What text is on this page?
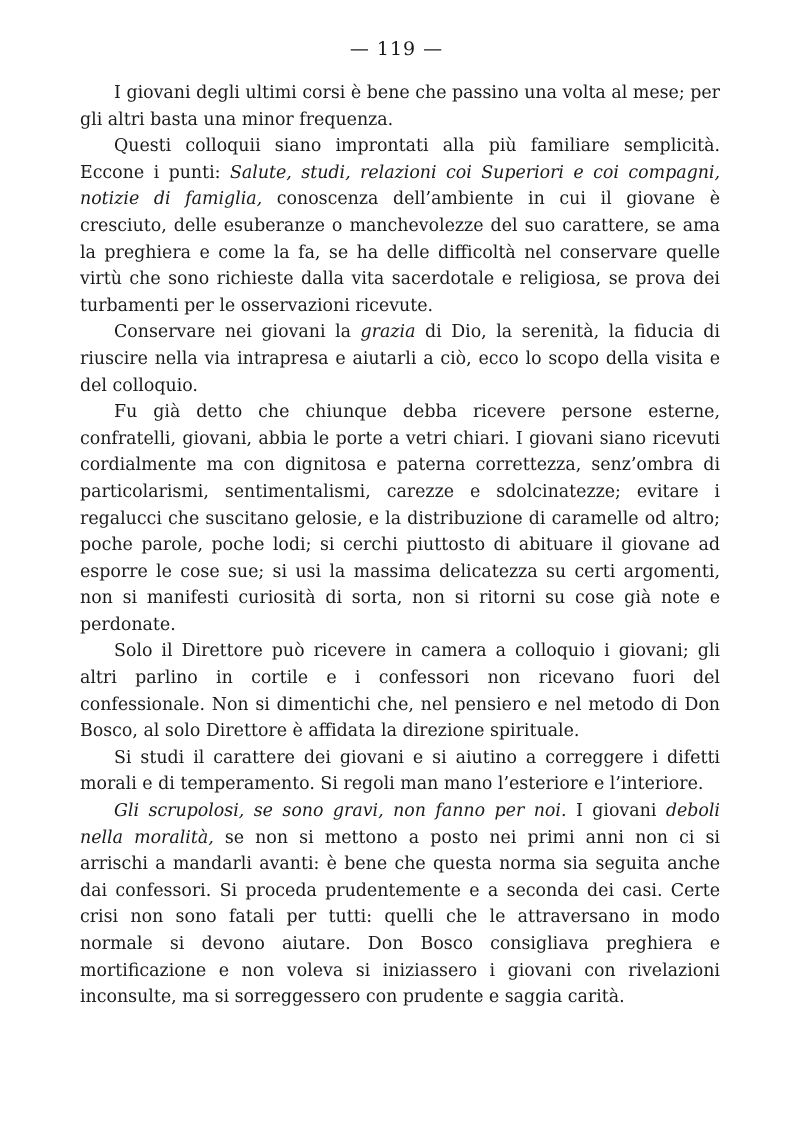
— 119 —

I giovani degli ultimi corsi è bene che passino una volta al mese; per gli altri basta una minor frequenza.

Questi colloquii siano improntati alla più familiare semplicità. Eccone i punti: Salute, studi, relazioni coi Superiori e coi compagni, notizie di famiglia, conoscenza dell’ambiente in cui il giovane è cresciuto, delle esuberanze o manchevolezze del suo carattere, se ama la preghiera e come la fa, se ha delle difficoltà nel conservare quelle virtù che sono richieste dalla vita sacerdotale e religiosa, se prova dei turbamenti per le osservazioni ricevute.

Conservare nei giovani la grazia di Dio, la serenità, la fiducia di riuscire nella via intrapresa e aiutarli a ciò, ecco lo scopo della visita e del colloquio.

Fu già detto che chiunque debba ricevere persone esterne, confratelli, giovani, abbia le porte a vetri chiari. I giovani siano ricevuti cordialmente ma con dignitosa e paterna correttezza, senz’ombra di particolarismi, sentimentalismi, carezze e sdolcinatezze; evitare i regalucci che suscitano gelosie, e la distribuzione di caramelle od altro; poche parole, poche lodi; si cerchi piuttosto di abituare il giovane ad esporre le cose sue; si usi la massima delicatezza su certi argomenti, non si manifesti curiosità di sorta, non si ritorni su cose già note e perdonate.

Solo il Direttore può ricevere in camera a colloquio i giovani; gli altri parlino in cortile e i confessori non ricevano fuori del confessionale. Non si dimentichi che, nel pensiero e nel metodo di Don Bosco, al solo Direttore è affidata la direzione spirituale.

Si studi il carattere dei giovani e si aiutino a correggere i difetti morali e di temperamento. Si regoli man mano l’esteriore e l’interiore.

Gli scrupolosi, se sono gravi, non fanno per noi. I giovani deboli nella moralità, se non si mettono a posto nei primi anni non ci si arrischi a mandarli avanti: è bene che questa norma sia seguita anche dai confessori. Si proceda prudentemente e a seconda dei casi. Certe crisi non sono fatali per tutti: quelli che le attraversano in modo normale si devono aiutare. Don Bosco consigliava preghiera e mortificazione e non voleva si iniziassero i giovani con rivelazioni inconsulte, ma si sorreggessero con prudente e saggia carità.
